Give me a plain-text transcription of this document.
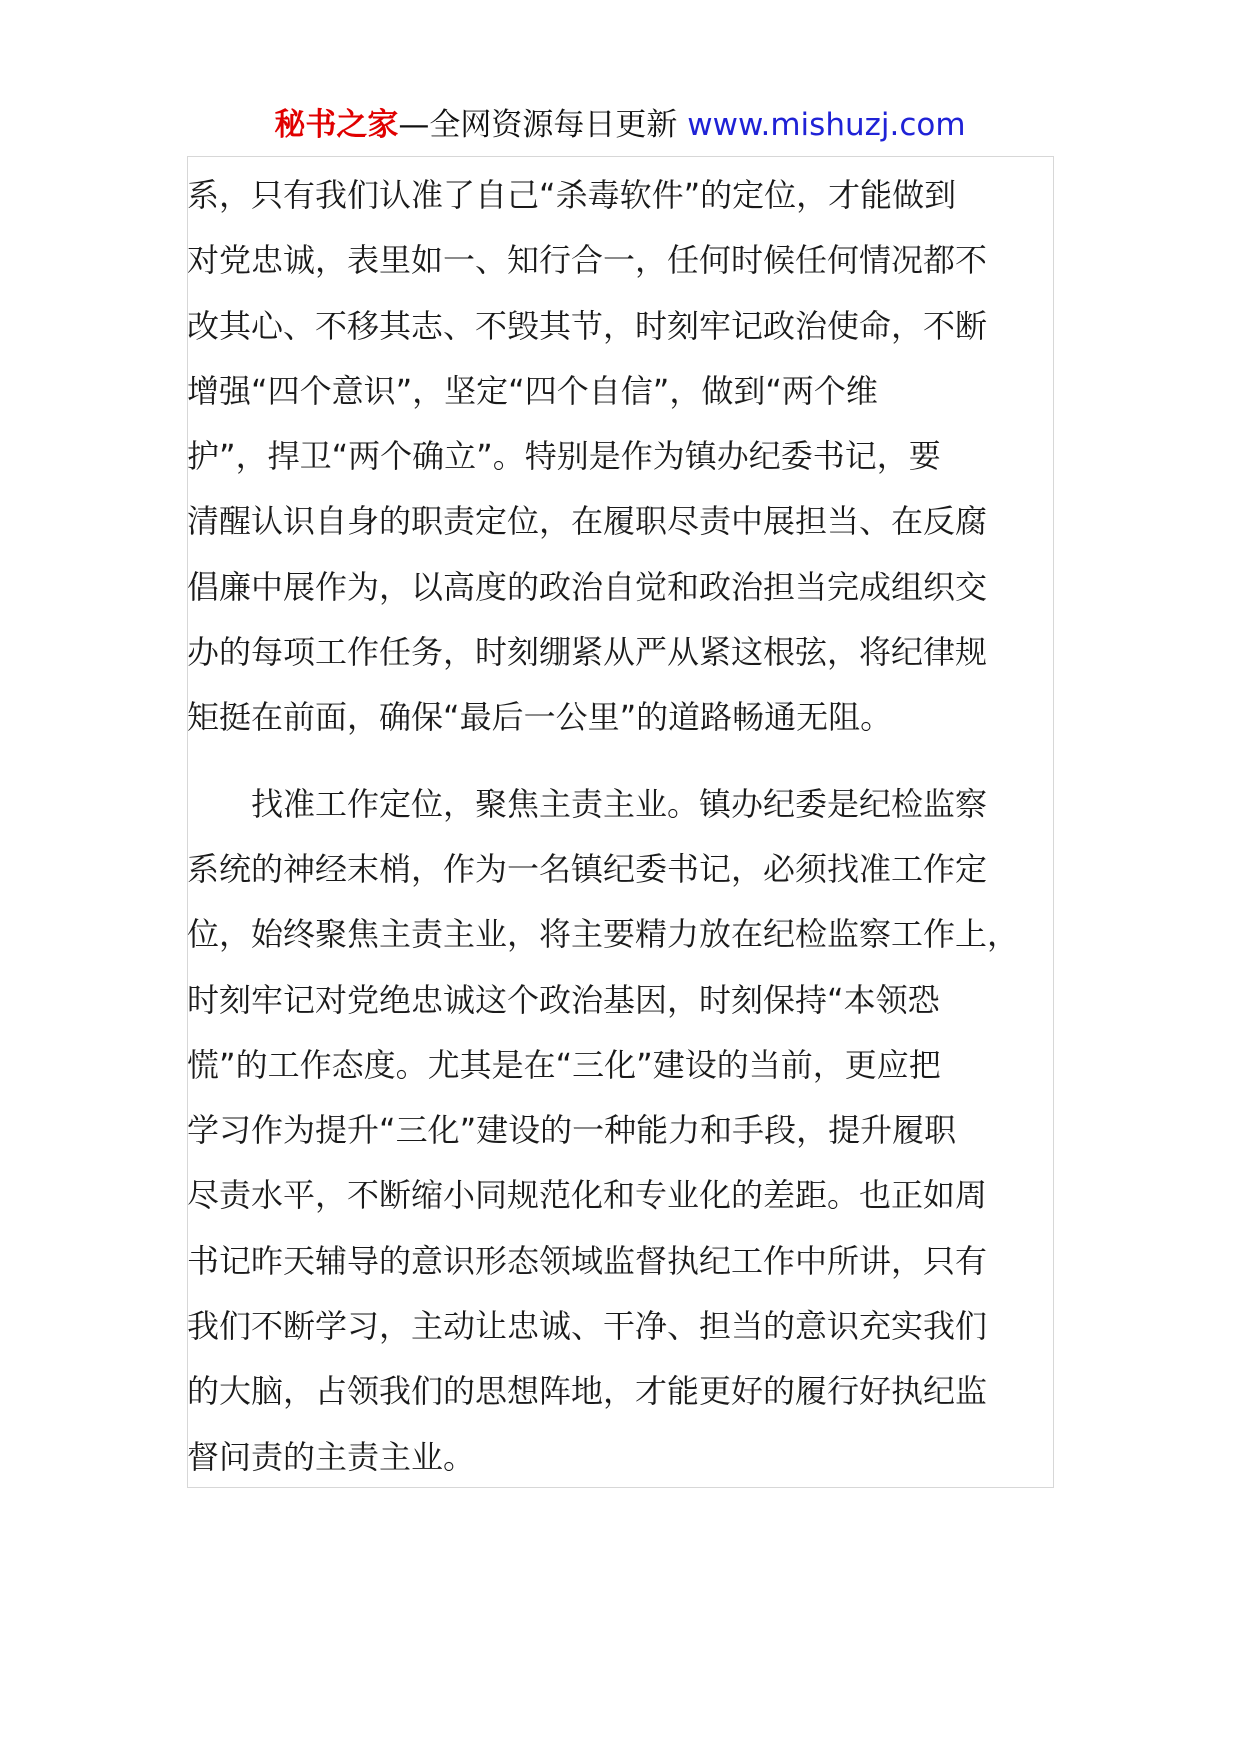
秘书之家—全网资源每日更新 www.mishuzj.com

系，只有我们认准了自己“杀毒软件”的定位，才能做到
对党忠诚，表里如一、知行合一，任何时候任何情况都不
改其心、不移其志、不毁其节，时刻牢记政治使命，不断
增强“四个意识”，坚定“四个自信”，做到“两个维
护”，捍卫“两个确立”。特别是作为镇办纪委书记，要
清醒认识自身的职责定位，在履职尽责中展担当、在反腐
倡廉中展作为，以高度的政治自觉和政治担当完成组织交
办的每项工作任务，时刻绷紧从严从紧这根弦，将纪律规
矩挺在前面，确保“最后一公里”的道路畅通无阻。

　　找准工作定位，聚焦主责主业。镇办纪委是纪检监察
系统的神经末梢，作为一名镇纪委书记，必须找准工作定
位，始终聚焦主责主业，将主要精力放在纪检监察工作上，
时刻牢记对党绝忠诚这个政治基因，时刻保持“本领恐
慌”的工作态度。尤其是在“三化”建设的当前，更应把
学习作为提升“三化”建设的一种能力和手段，提升履职
尽责水平，不断缩小同规范化和专业化的差距。也正如周
书记昨天辅导的意识形态领域监督执纪工作中所讲，只有
我们不断学习，主动让忠诚、干净、担当的意识充实我们
的大脑，占领我们的思想阵地，才能更好的履行好执纪监
督问责的主责主业。
